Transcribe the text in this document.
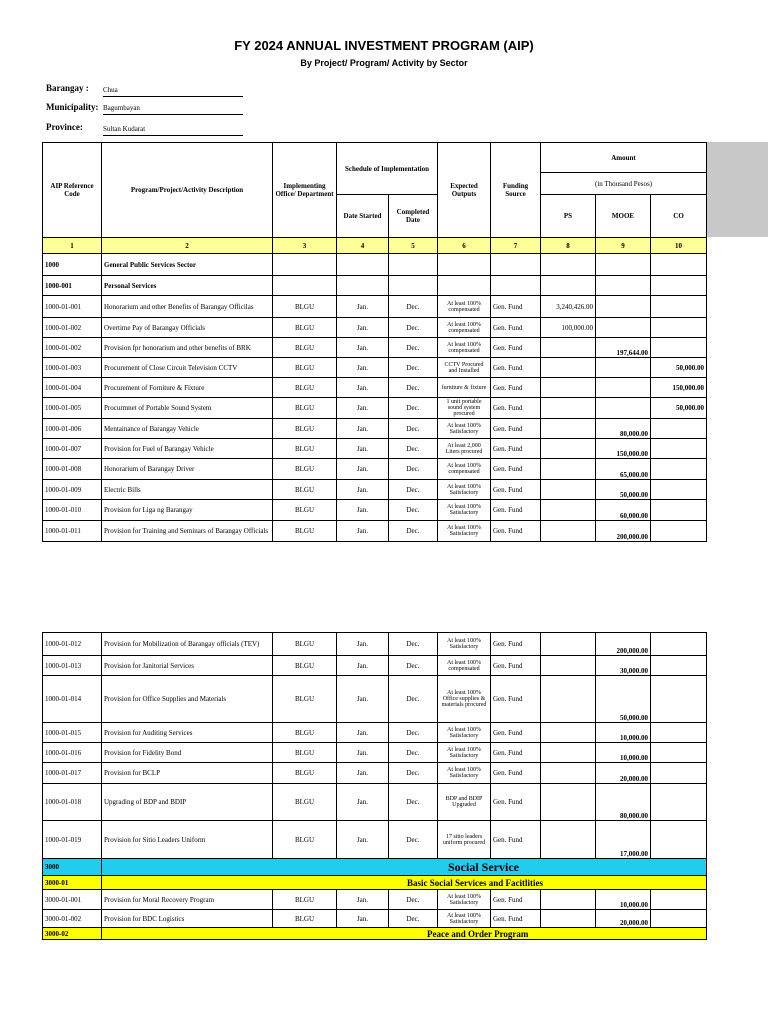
FY 2024 ANNUAL INVESTMENT PROGRAM (AIP)
By Project/ Program/ Activity by Sector
Barangay : Chua
Municipality: Bagumbayan
Province:	Sultan Kudarat
AIP Reference Code	Program/Project/Activity Description	Implementing Office/ Department	Schedule of Implementation		Expected Outputs	Funding Source	Amount		
							(in Thousand Pesos)		
			Date Started	Completed Date			PS	MOOE	CO
1	2	3	4	5	6	7	8	9	10
1000	General Public Services Sector								
1000-001	Personal Services								
1000-01-001	Honorarium and other Benefits of Barangay Officilas	BLGU	Jan.	Dec.	At least 100% compensated	Gen. Fund	3,240,426.00		
1000-01-002	Overtime Pay of Barangay Officials	BLGU	Jan.	Dec.	At least 100% compensated	Gen. Fund	100,000.00		
1000-01-002	Provision fpr honorarium and other benefits of BRK	BLGU	Jan.	Dec.	At least 100% compensated	Gen. Fund		197,644.00	
1000-01-003	Procurement of Close Circuit Television CCTV	BLGU	Jan.	Dec.	CCTV Procured and Installed	Gen. Fund			50,000.00
1000-01-004	Procurement of Forniture & Fixture	BLGU	Jan.	Dec.	furniture & fixture	Gen. Fund			150,000.00
1000-01-005	Procurmnet of Portable Sound System	BLGU	Jan.	Dec.	1 unit portable sound system procured	Gen. Fund			50,000.00
1000-01-006	Mentainance of Barangay Vehicle	BLGU	Jan.	Dec.	At least 100% Satisfactory	Gen. Fund		80,000.00	
1000-01-007	Provision for Fuel of Barangay Vehicle	BLGU	Jan.	Dec.	At least 2,000 Liters procured	Gen. Fund		150,000.00	
1000-01-008	Honorarium of Barangay Driver	BLGU	Jan.	Dec.	At least 100% compensated	Gen. Fund		65,000.00	
1000-01-009	Electric Bills	BLGU	Jan.	Dec.	At least 100% Satisfactory	Gen. Fund		50,000.00	
1000-01-010	Provision for Liga ng Barangay	BLGU	Jan.	Dec.	At least 100% Satisfactory	Gen. Fund		60,000.00	
1000-01-011	Provision for Training and Seminars of Barangay Officials	BLGU	Jan.	Dec.	At least 100% Satisfactory	Gen. Fund		200,000.00	
1000-01-012	Provision for Mobilization of Barangay officials (TEV)	BLGU	Jan.	Dec.	At least 100% Satisfactory	Gen. Fund		200,000.00	
1000-01-013	Provision for Janitorial Services	BLGU	Jan.	Dec.	At least 100% compensated	Gen. Fund		30,000.00	
1000-01-014	Provision for Office Supplies and Materials	BLGU	Jan.	Dec.	At least 100% Office supplies & materials procured	Gen. Fund		50,000.00	
1000-01-015	Provision for Auditing Services	BLGU	Jan.	Dec.	At least 100% Satisfactory	Gen. Fund		10,000.00	
1000-01-016	Provision for Fidelity Bond	BLGU	Jan.	Dec.	At least 100% Satisfactory	Gen. Fund		10,000.00	
1000-01-017	Provision for BCLP	BLGU	Jan.	Dec.	At least 100% Satisfactory	Gen. Fund		20,000.00	
1000-01-018	Upgrading of BDP and BDIP	BLGU	Jan.	Dec.	BDP and BDIP Upgraded	Gen. Fund		80,000.00	
1000-01-019	Provision for Sitio Leaders Uniform	BLGU	Jan.	Dec.	17 sitio leaders uniform procured	Gen. Fund		17,000.00	
3000	Social Service								
3000-01	Basic Social Services and Facitlities								
3000-01-001	Provision for Moral Recovery Program	BLGU	Jan.	Dec.	At least 100% Satisfactory	Gen. Fund		10,000.00	
3000-01-002	Provision for BDC Logistics	BLGU	Jan.	Dec.	At least 100% Satisfactory	Gen. Fund		20,000.00	
3000-02	Peace and Order Program								
